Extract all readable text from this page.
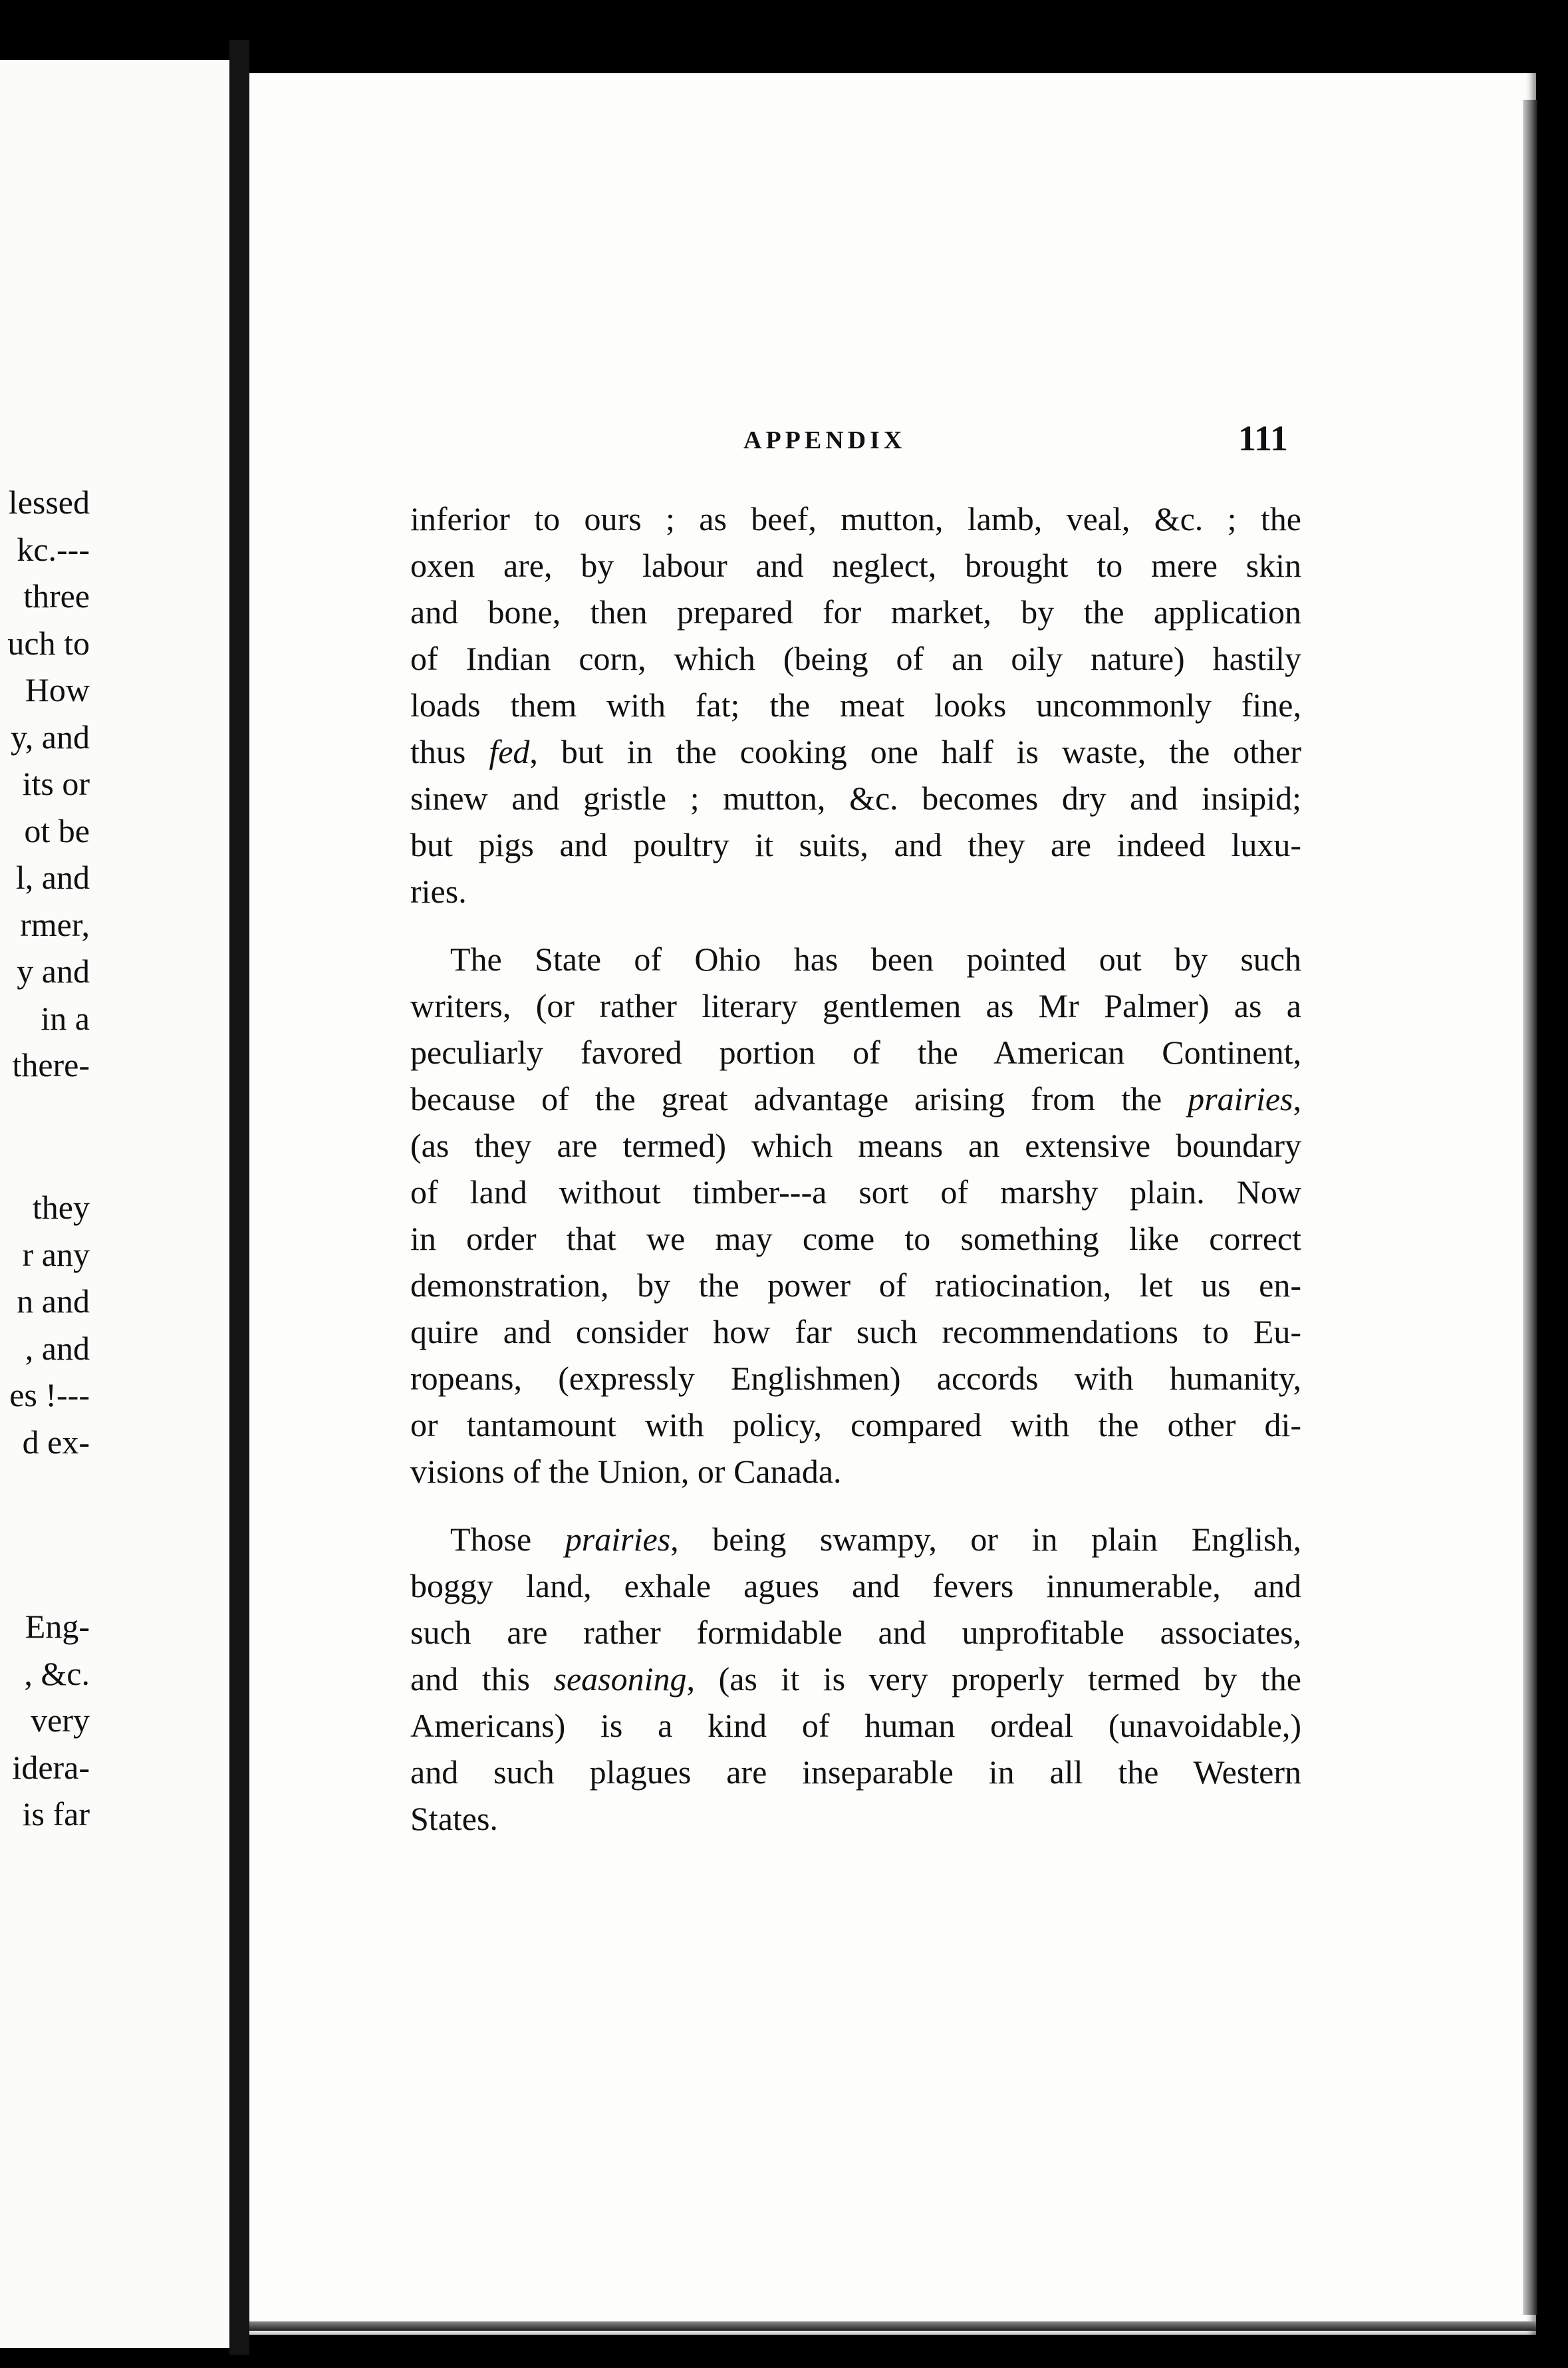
lessed
kc.---
three
uch to
How
y, and
its or
ot be
l, and
rmer,
y and
in a
there-
they
r any
n and
, and
es !---
d ex-
Eng-
, &c.
very
idera-
is far
APPENDIX	111
inferior to ours ; as beef, mutton, lamb, veal, &c. ; the
oxen are, by labour and neglect, brought to mere skin
and bone, then prepared for market, by the application
of Indian corn, which (being of an oily nature) hastily
loads them with fat; the meat looks uncommonly fine,
thus fed, but in the cooking one half is waste, the other
sinew and gristle ; mutton, &c. becomes dry and insipid;
but pigs and poultry it suits, and they are indeed luxu-
ries.
The State of Ohio has been pointed out by such
writers, (or rather literary gentlemen as Mr Palmer) as a
peculiarly favored portion of the American Continent,
because of the great advantage arising from the prairies,
(as they are termed) which means an extensive boundary
of land without timber---a sort of marshy plain. Now
in order that we may come to something like correct
demonstration, by the power of ratiocination, let us en-
quire and consider how far such recommendations to Eu-
ropeans, (expressly Englishmen) accords with humanity,
or tantamount with policy, compared with the other di-
visions of the Union, or Canada.
Those prairies, being swampy, or in plain English,
boggy land, exhale agues and fevers innumerable, and
such are rather formidable and unprofitable associates,
and this seasoning, (as it is very properly termed by the
Americans) is a kind of human ordeal (unavoidable,)
and such plagues are inseparable in all the Western
States.
